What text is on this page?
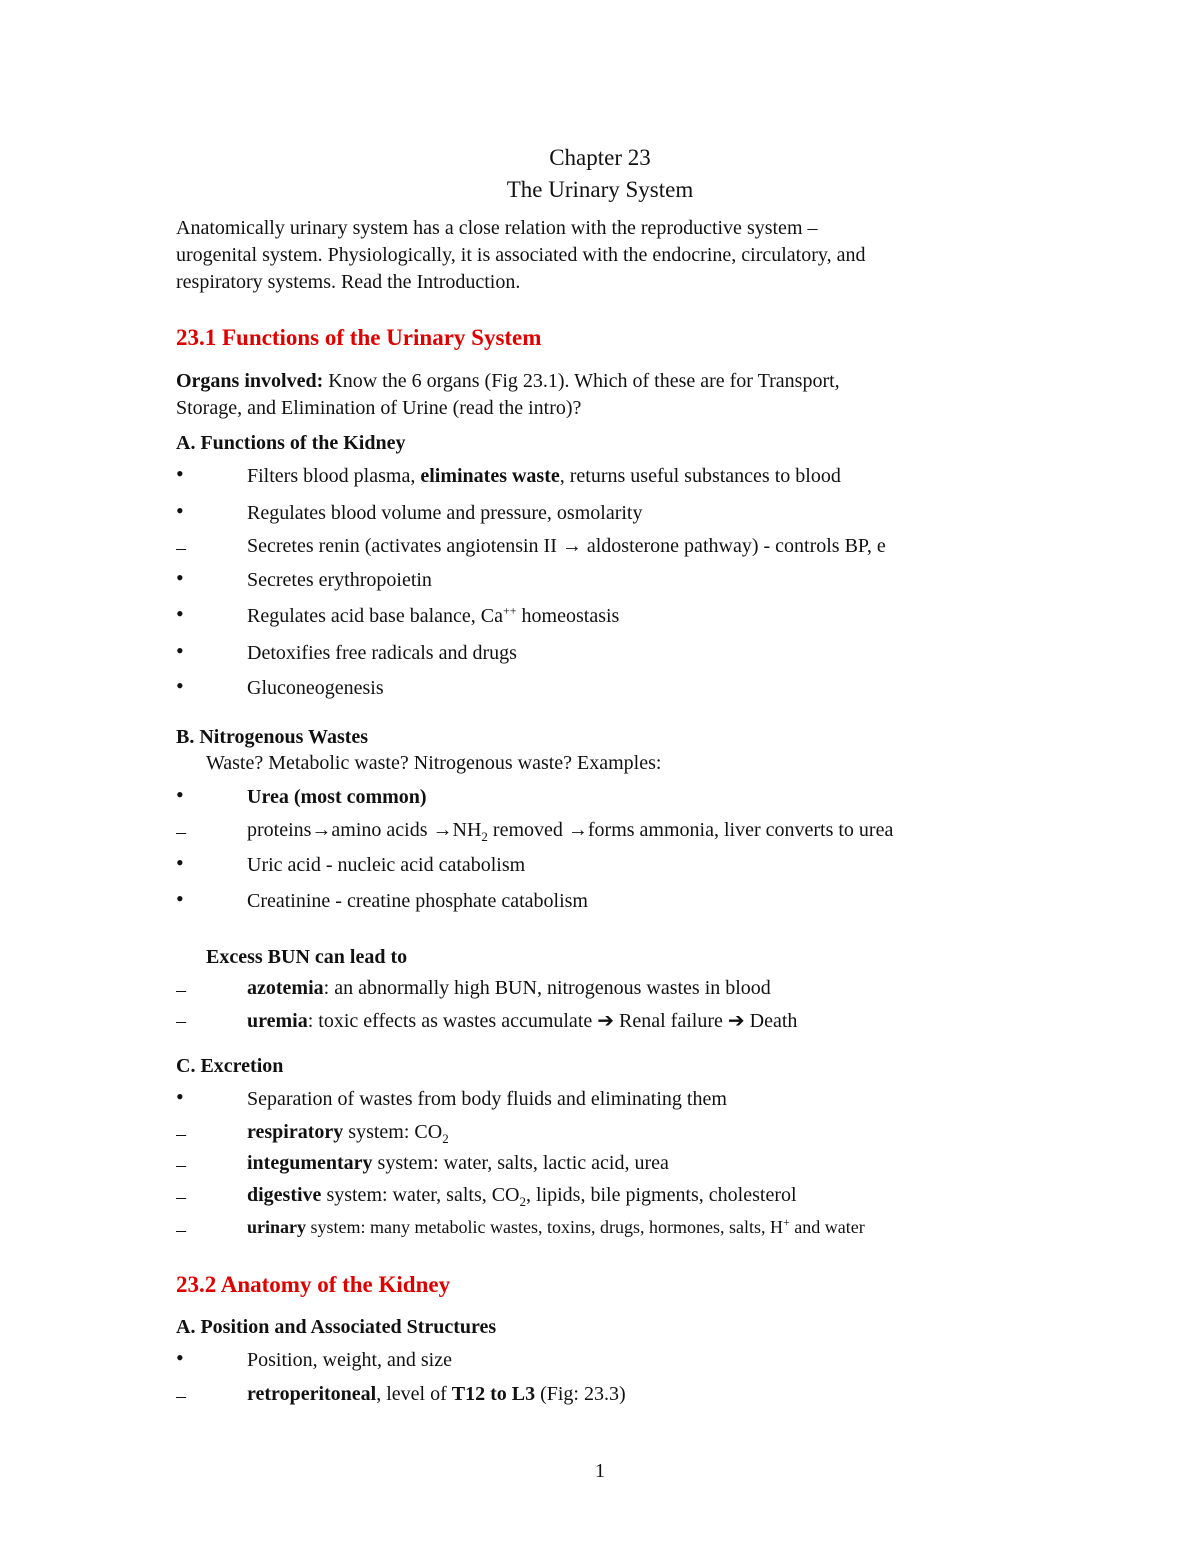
Chapter 23
The Urinary System
Anatomically urinary system has a close relation with the reproductive system –
urogenital system. Physiologically, it is associated with the endocrine, circulatory, and
respiratory systems. Read the Introduction.
23.1 Functions of the Urinary System
Organs involved: Know the 6 organs (Fig 23.1). Which of these are for Transport,
Storage, and Elimination of Urine (read the intro)?
A. Functions of the Kidney
•	Filters blood plasma, eliminates waste, returns useful substances to blood
•	Regulates blood volume and pressure, osmolarity
–	Secretes renin (activates angiotensin II → aldosterone pathway) - controls BP, e
•	Secretes erythropoietin
•	Regulates acid base balance, Ca++ homeostasis
•	Detoxifies free radicals and drugs
•	Gluconeogenesis
B. Nitrogenous Wastes
Waste? Metabolic waste? Nitrogenous waste? Examples:
•	Urea (most common)
–	proteins→amino acids $\to NH_2$ removed →forms ammonia, liver converts to urea
•	Uric acid - nucleic acid catabolism
•	Creatinine - creatine phosphate catabolism
Excess BUN can lead to
–	azotemia: an abnormally high BUN, nitrogenous wastes in blood
–	uremia: toxic effects as wastes accumulate ➔ Renal failure ➔ Death
C. Excretion
•	Separation of wastes from body fluids and eliminating them
–	respiratory system: $CO_2$
–	integumentary system: water, salts, lactic acid, urea
–	digestive system: water, salts, $CO_2$, lipids, bile pigments, cholesterol
–	urinary system: many metabolic wastes, toxins, drugs, hormones, salts, H+ and water
23.2 Anatomy of the Kidney
A. Position and Associated Structures
•	Position, weight, and size
–	retroperitoneal, level of T12 to L3 (Fig: 23.3)
1
